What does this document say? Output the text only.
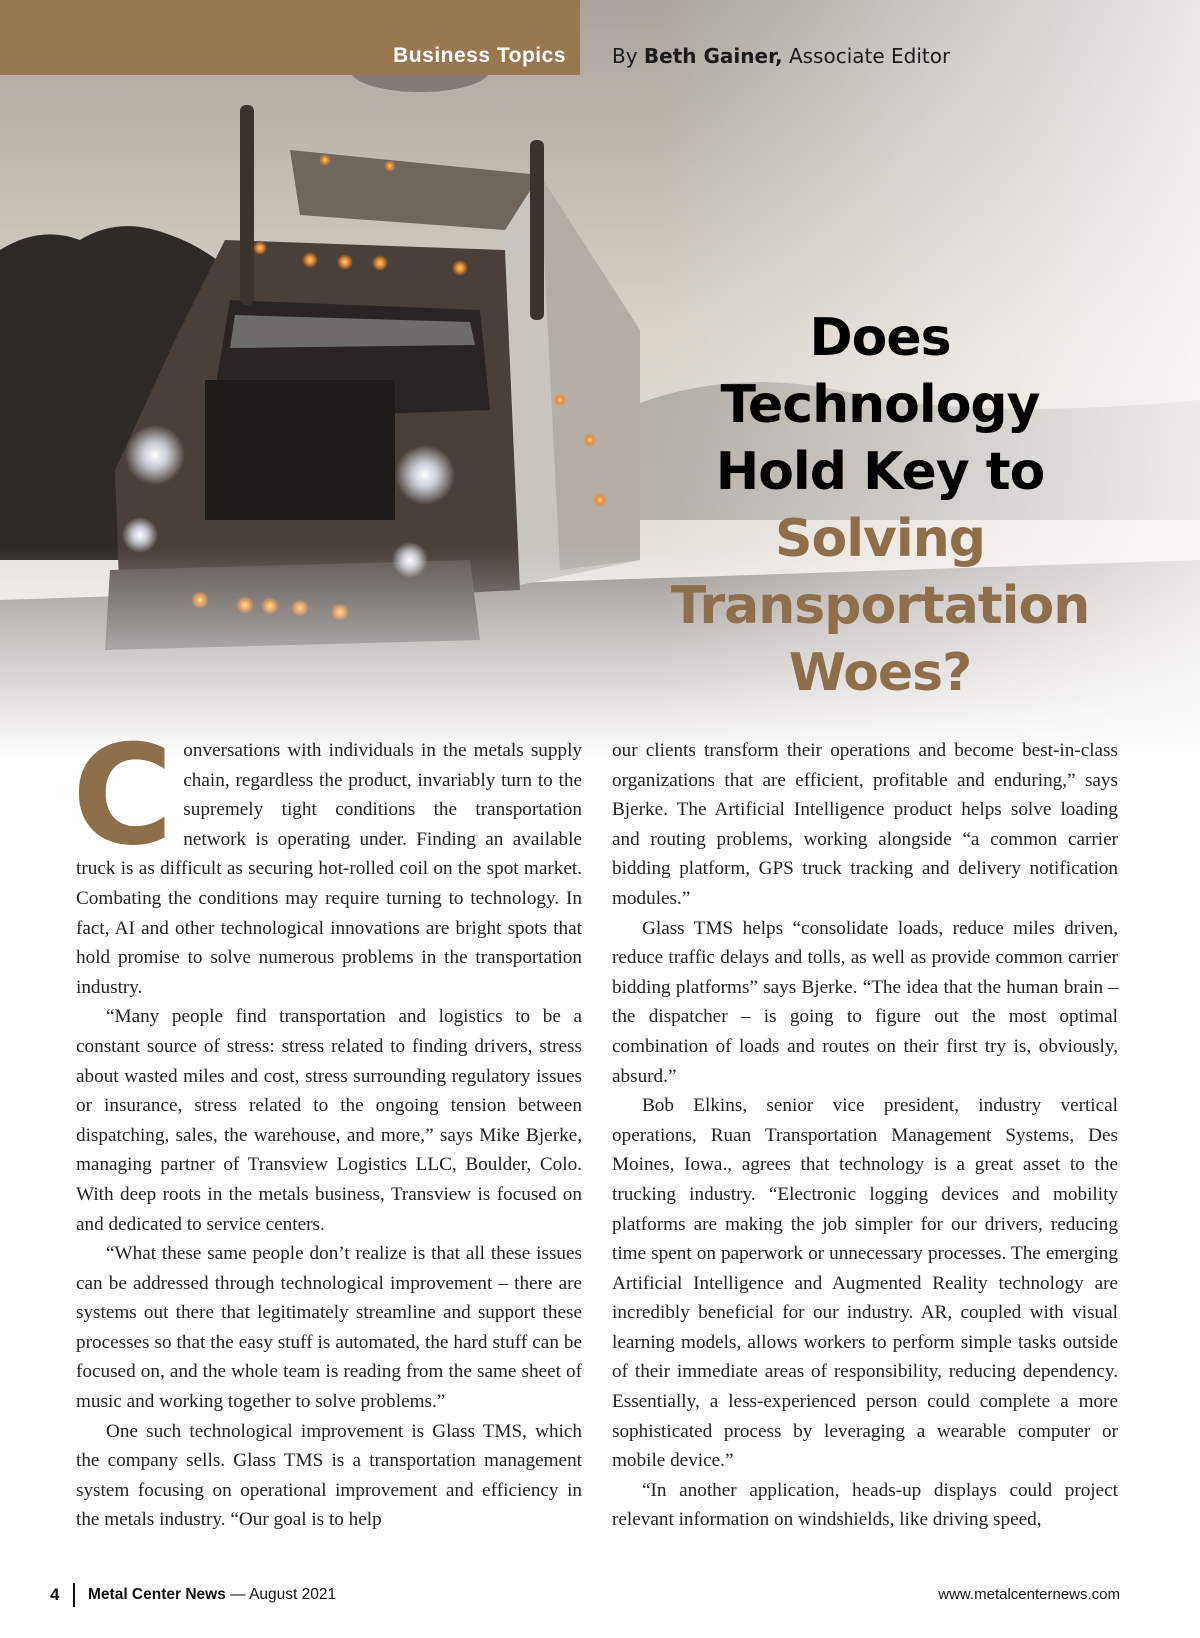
Business Topics By Beth Gainer, Associate Editor
Does
Technology
Hold Key to
Solving
Transportation
Woes?

Conversations with individuals in the metals supply chain, regardless the product, invariably turn to the supremely tight conditions the transportation network is operating under. Finding an available truck is as difficult as securing hot-rolled coil on the spot market. Combating the conditions may require turning to technology. In fact, AI and other technological innovations are bright spots that hold promise to solve numerous problems in the transportation industry.

“Many people find transportation and logistics to be a constant source of stress: stress related to finding drivers, stress about wasted miles and cost, stress surrounding regulatory issues or insurance, stress related to the ongoing tension between dispatching, sales, the warehouse, and more,” says Mike Bjerke, managing partner of Transview Logistics LLC, Boulder, Colo. With deep roots in the metals business, Transview is focused on and dedicated to service centers.

“What these same people don’t realize is that all these issues can be addressed through technological improvement – there are systems out there that legitimately streamline and support these processes so that the easy stuff is automated, the hard stuff can be focused on, and the whole team is reading from the same sheet of music and working together to solve problems.”

One such technological improvement is Glass TMS, which the company sells. Glass TMS is a transportation management system focusing on operational improvement and efficiency in the metals industry. “Our goal is to help

our clients transform their operations and become best-in-class organizations that are efficient, profitable and enduring,” says Bjerke. The Artificial Intelligence product helps solve loading and routing problems, working alongside “a common carrier bidding platform, GPS truck tracking and delivery notification modules.”

Glass TMS helps “consolidate loads, reduce miles driven, reduce traffic delays and tolls, as well as provide common carrier bidding platforms” says Bjerke. “The idea that the human brain – the dispatcher – is going to figure out the most optimal combination of loads and routes on their first try is, obviously, absurd.”

Bob Elkins, senior vice president, industry vertical operations, Ruan Transportation Management Systems, Des Moines, Iowa., agrees that technology is a great asset to the trucking industry. “Electronic logging devices and mobility platforms are making the job simpler for our drivers, reducing time spent on paperwork or unnecessary processes. The emerging Artificial Intelligence and Augmented Reality technology are incredibly beneficial for our industry. AR, coupled with visual learning models, allows workers to perform simple tasks outside of their immediate areas of responsibility, reducing dependency. Essentially, a less-experienced person could complete a more sophisticated process by leveraging a wearable computer or mobile device.”

“In another application, heads-up displays could project relevant information on windshields, like driving speed,

4 Metal Center News — August 2021	www.metalcenternews.com
